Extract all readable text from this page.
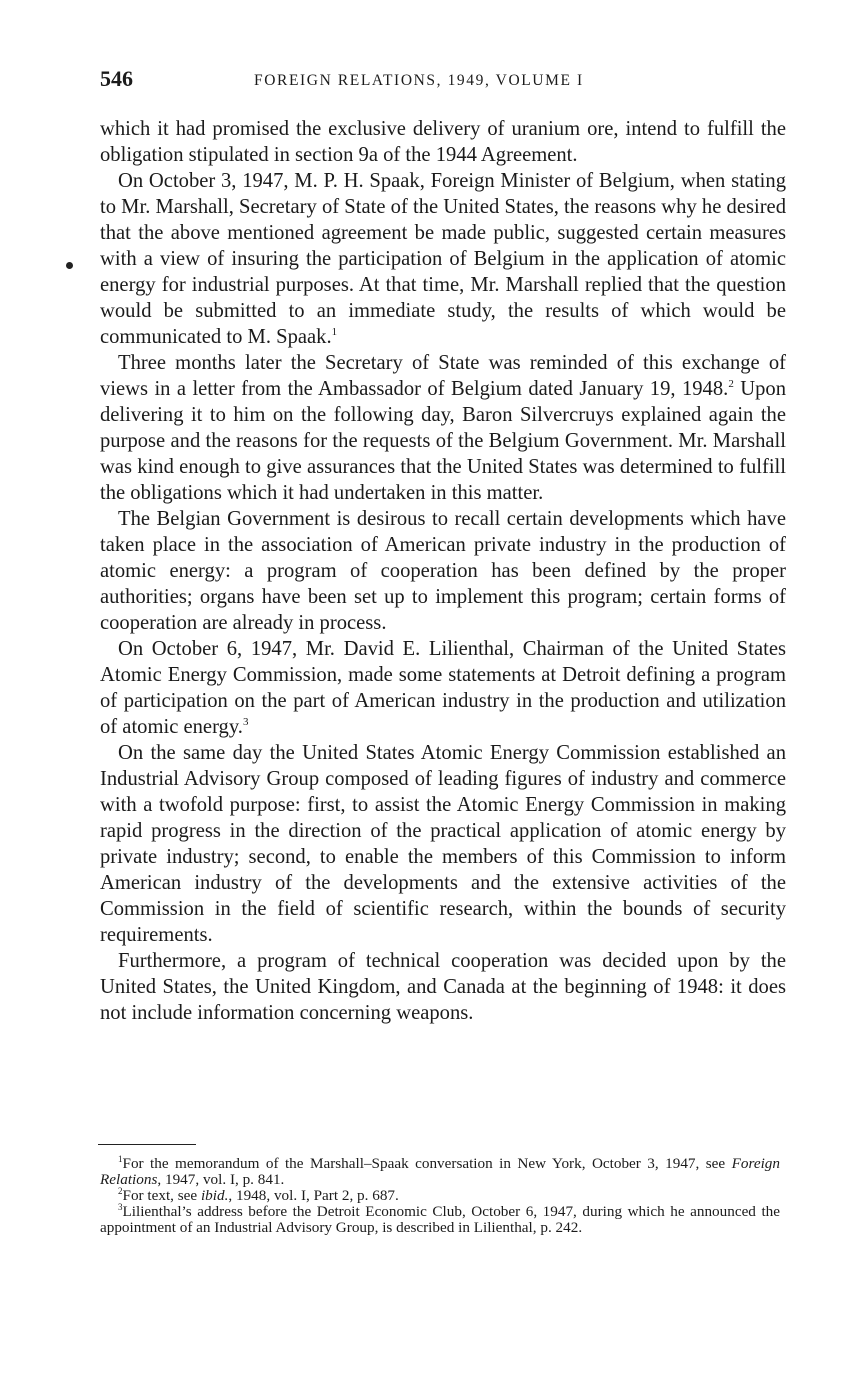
546	FOREIGN RELATIONS, 1949, VOLUME I

which it had promised the exclusive delivery of uranium ore, intend to fulfill the obligation stipulated in section 9a of the 1944 Agreement.

On October 3, 1947, M. P. H. Spaak, Foreign Minister of Belgium, when stating to Mr. Marshall, Secretary of State of the United States, the reasons why he desired that the above mentioned agreement be made public, suggested certain measures with a view of insuring the participation of Belgium in the application of atomic energy for industrial purposes. At that time, Mr. Marshall replied that the question would be submitted to an immediate study, the results of which would be communicated to M. Spaak.$^1$

Three months later the Secretary of State was reminded of this exchange of views in a letter from the Ambassador of Belgium dated January 19, 1948.$^2$ Upon delivering it to him on the following day, Baron Silvercruys explained again the purpose and the reasons for the requests of the Belgium Government. Mr. Marshall was kind enough to give assurances that the United States was determined to fulfill the obligations which it had undertaken in this matter.

The Belgian Government is desirous to recall certain developments which have taken place in the association of American private industry in the production of atomic energy: a program of cooperation has been defined by the proper authorities; organs have been set up to implement this program; certain forms of cooperation are already in process.

On October 6, 1947, Mr. David E. Lilienthal, Chairman of the United States Atomic Energy Commission, made some statements at Detroit defining a program of participation on the part of American industry in the production and utilization of atomic energy.$^3$

On the same day the United States Atomic Energy Commission established an Industrial Advisory Group composed of leading figures of industry and commerce with a twofold purpose: first, to assist the Atomic Energy Commission in making rapid progress in the direction of the practical application of atomic energy by private industry; second, to enable the members of this Commission to inform American industry of the developments and the extensive activities of the Commission in the field of scientific research, within the bounds of security requirements.

Furthermore, a program of technical cooperation was decided upon by the United States, the United Kingdom, and Canada at the beginning of 1948: it does not include information concerning weapons.

$^1$For the memorandum of the Marshall–Spaak conversation in New York, October 3, 1947, see Foreign Relations, 1947, vol. I, p. 841.

$^2$For text, see ibid., 1948, vol. I, Part 2, p. 687.

$^3$Lilienthal’s address before the Detroit Economic Club, October 6, 1947, during which he announced the appointment of an Industrial Advisory Group, is described in Lilienthal, p. 242.
